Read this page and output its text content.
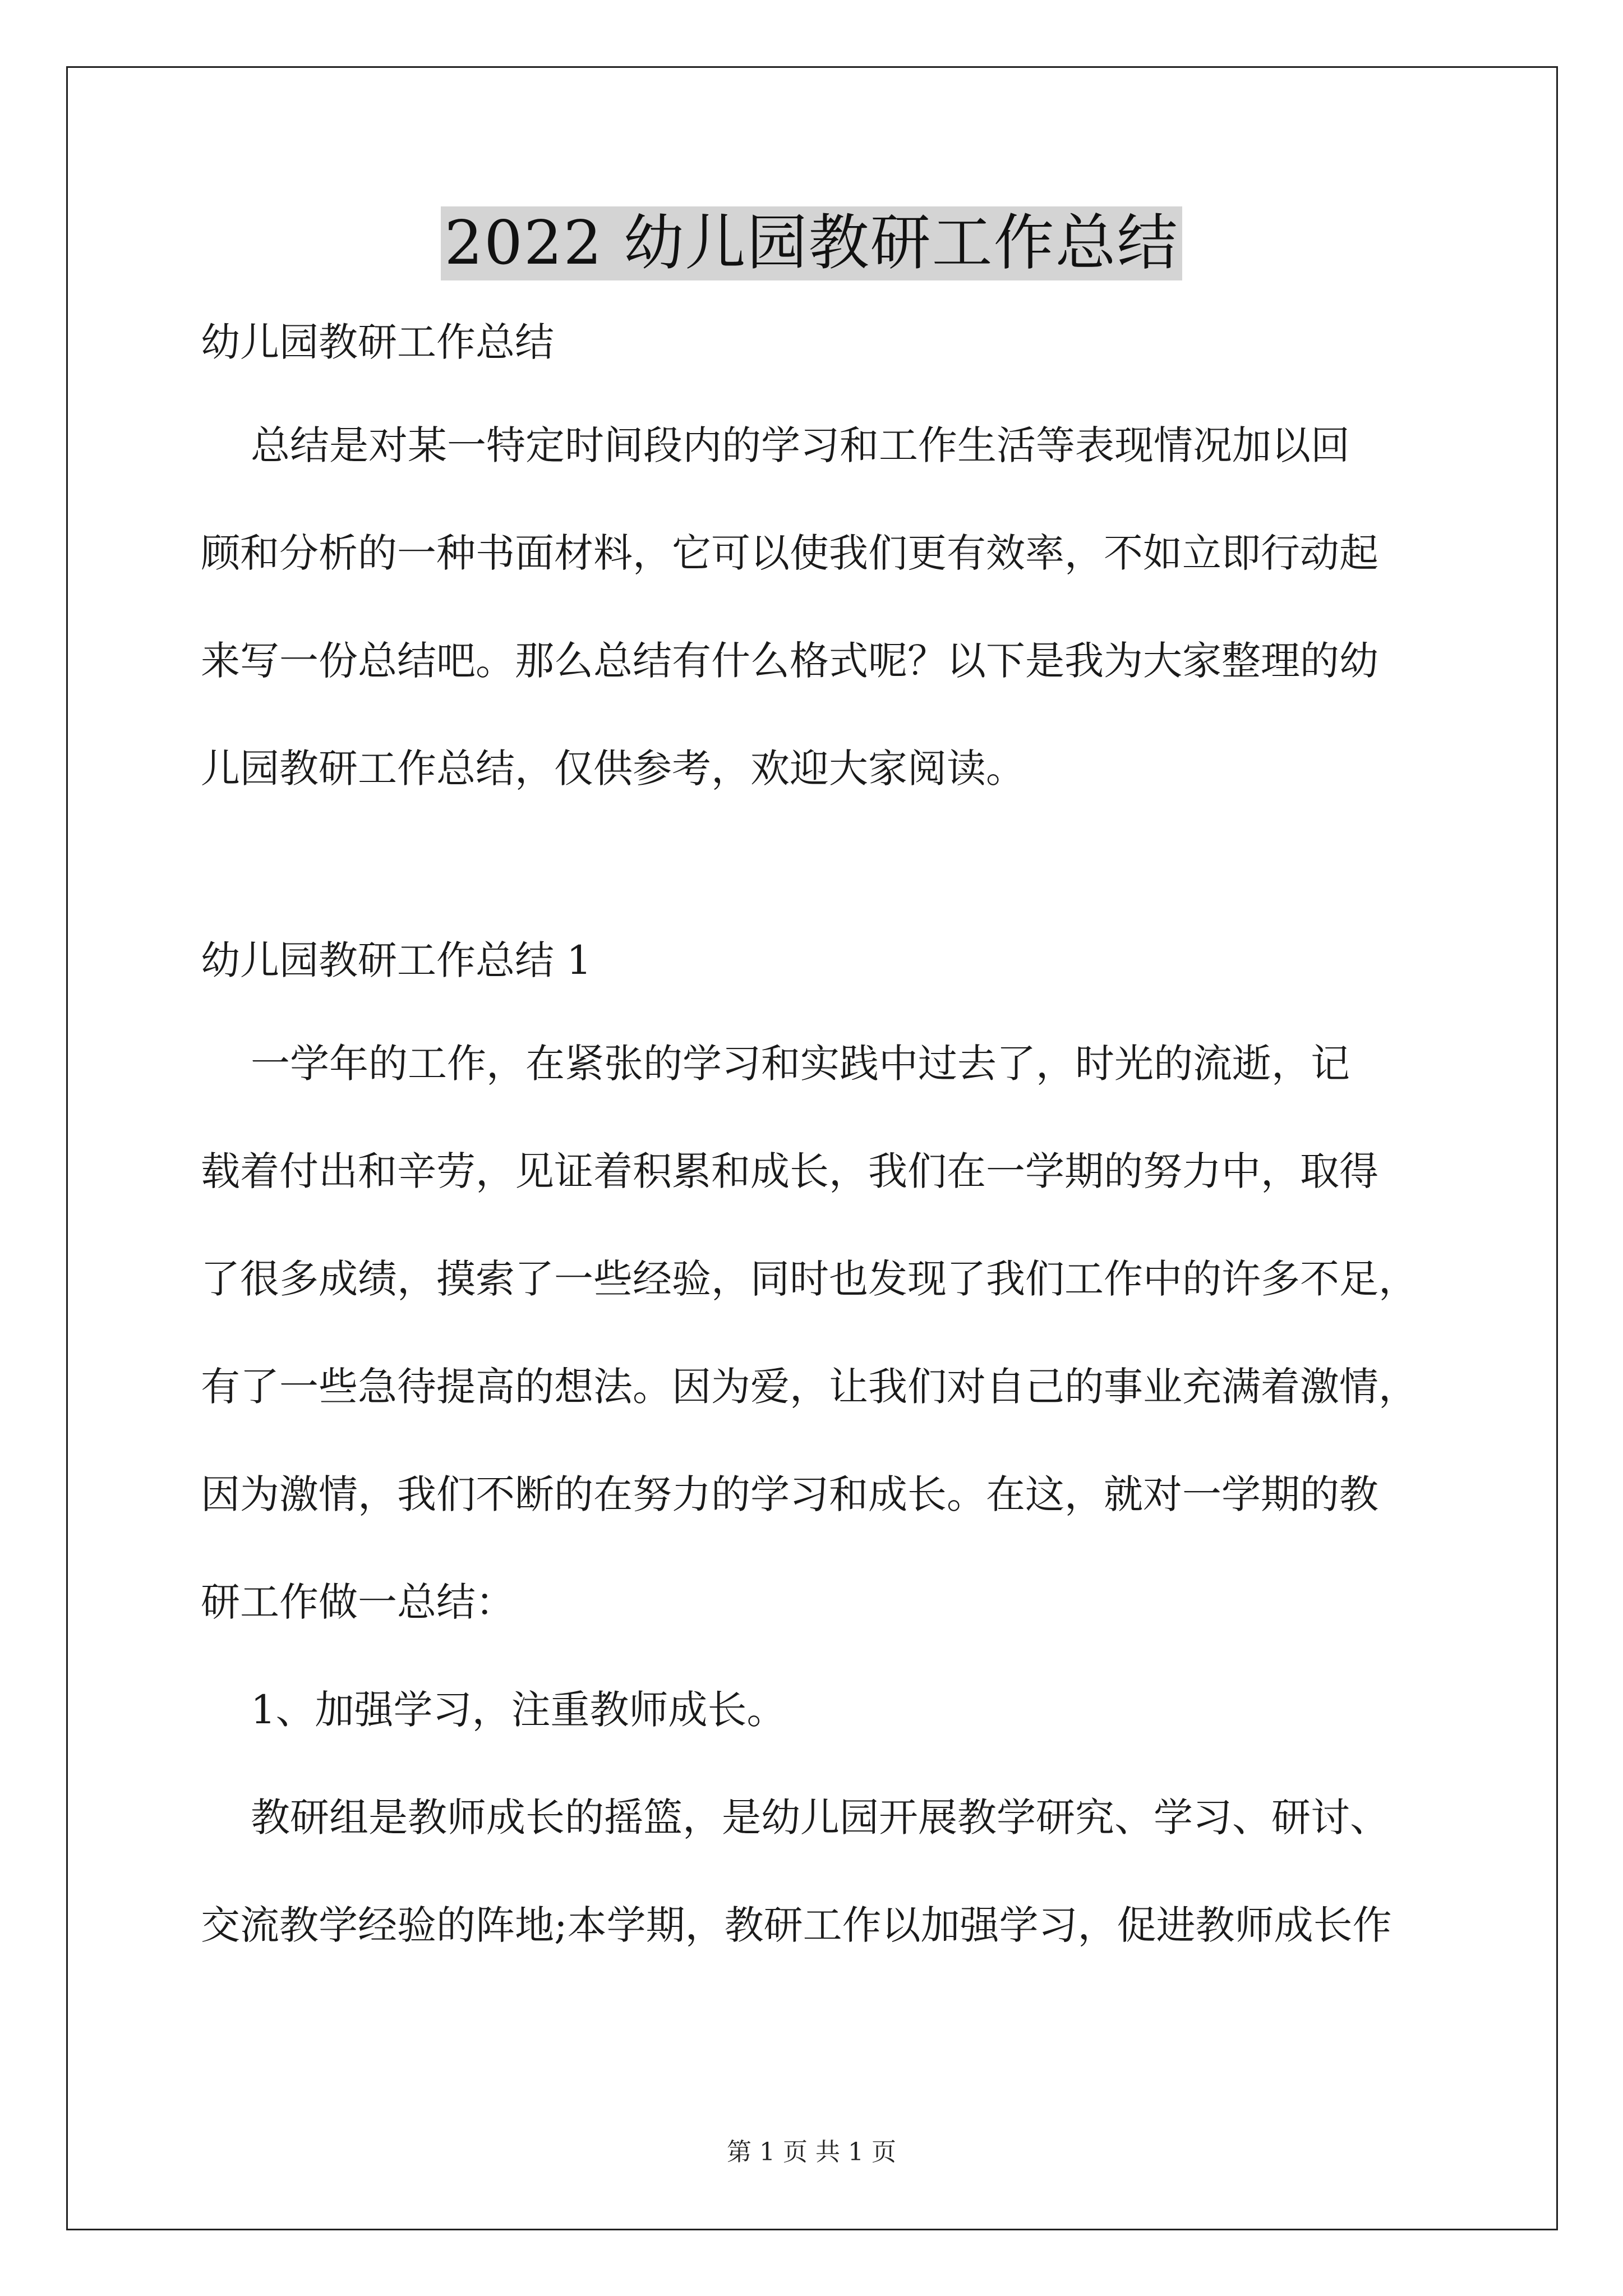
2022 幼儿园教研工作总结

幼儿园教研工作总结

总结是对某一特定时间段内的学习和工作生活等表现情况加以回

顾和分析的一种书面材料，它可以使我们更有效率，不如立即行动起

来写一份总结吧。那么总结有什么格式呢？以下是我为大家整理的幼

儿园教研工作总结，仅供参考，欢迎大家阅读。

幼儿园教研工作总结 1

一学年的工作，在紧张的学习和实践中过去了，时光的流逝，记

载着付出和辛劳，见证着积累和成长，我们在一学期的努力中，取得

了很多成绩，摸索了一些经验，同时也发现了我们工作中的许多不足，

有了一些急待提高的想法。因为爱，让我们对自己的事业充满着激情，

因为激情，我们不断的在努力的学习和成长。在这，就对一学期的教

研工作做一总结：

1、加强学习，注重教师成长。

教研组是教师成长的摇篮，是幼儿园开展教学研究、学习、研讨、

交流教学经验的阵地;本学期，教研工作以加强学习，促进教师成长作

第 1 页 共 1 页
